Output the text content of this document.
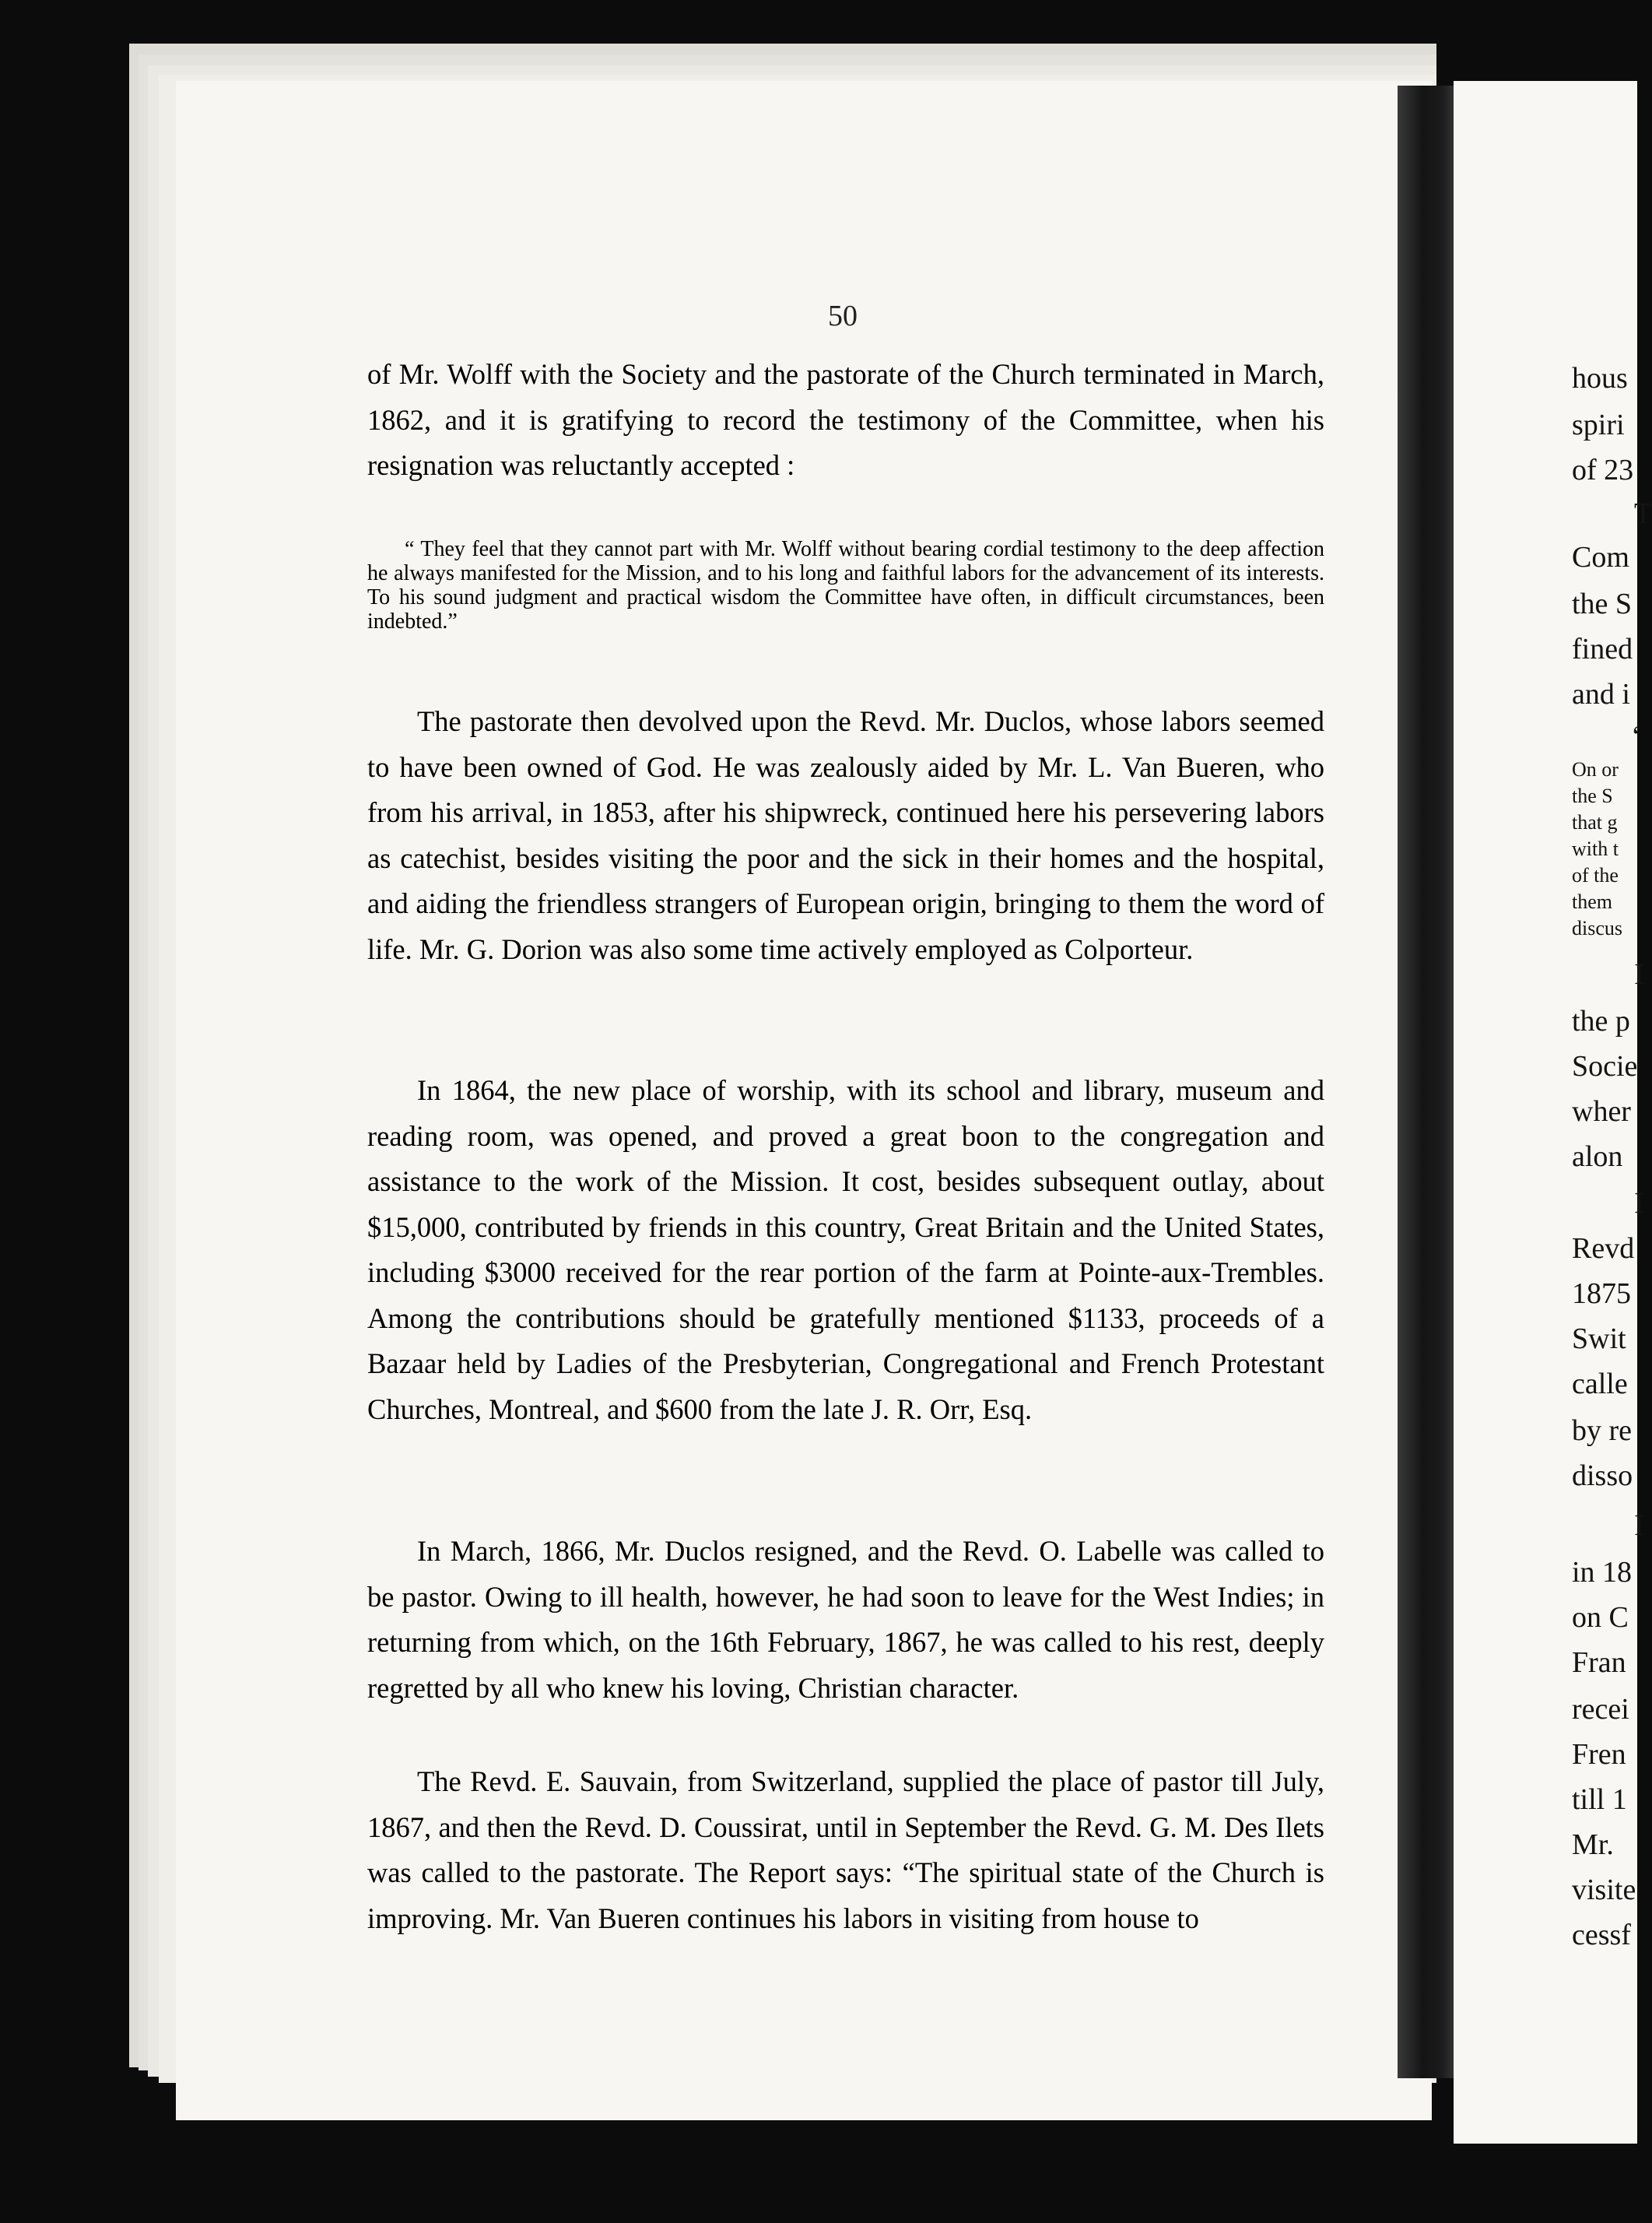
hous
spiri
of 23
T
Com
the S
fined
and i
‘
On or
the S
that g
with t
of the
them
discus
I
the p
Socie
wher
alon
I
Revd
1875
Swit
calle
by re
disso
I
in 18
on C
Fran
recei
Fren
till 1
Mr.
visite
cessf
50

of Mr. Wolff with the Society and the pastorate of the Church terminated in March, 1862, and it is gratifying to record the testimony of the Committee, when his resignation was reluctantly accepted :

“ They feel that they cannot part with Mr. Wolff without bearing cordial testimony to the deep affection he always manifested for the Mission, and to his long and faithful labors for the advancement of its interests. To his sound judgment and practical wisdom the Committee have often, in difficult circumstances, been indebted.”

The pastorate then devolved upon the Revd. Mr. Duclos, whose labors seemed to have been owned of God. He was zealously aided by Mr. L. Van Bueren, who from his arrival, in 1853, after his shipwreck, continued here his persevering labors as catechist, besides visiting the poor and the sick in their homes and the hospital, and aiding the friendless strangers of European origin, bringing to them the word of life. Mr. G. Dorion was also some time actively employed as Colporteur.

In 1864, the new place of worship, with its school and library, museum and reading room, was opened, and proved a great boon to the congregation and assistance to the work of the Mission. It cost, besides subsequent outlay, about $15,000, contributed by friends in this country, Great Britain and the United States, including $3000 received for the rear portion of the farm at Pointe-aux-Trembles. Among the contributions should be gratefully mentioned $1133, proceeds of a Bazaar held by Ladies of the Presbyterian, Congregational and French Protestant Churches, Montreal, and $600 from the late J. R. Orr, Esq.

In March, 1866, Mr. Duclos resigned, and the Revd. O. Labelle was called to be pastor. Owing to ill health, however, he had soon to leave for the West Indies; in returning from which, on the 16th February, 1867, he was called to his rest, deeply regretted by all who knew his loving, Christian character.

The Revd. E. Sauvain, from Switzerland, supplied the place of pastor till July, 1867, and then the Revd. D. Coussirat, until in September the Revd. G. M. Des Ilets was called to the pastorate. The Report says: “The spiritual state of the Church is improving. Mr. Van Bueren continues his labors in visiting from house to
